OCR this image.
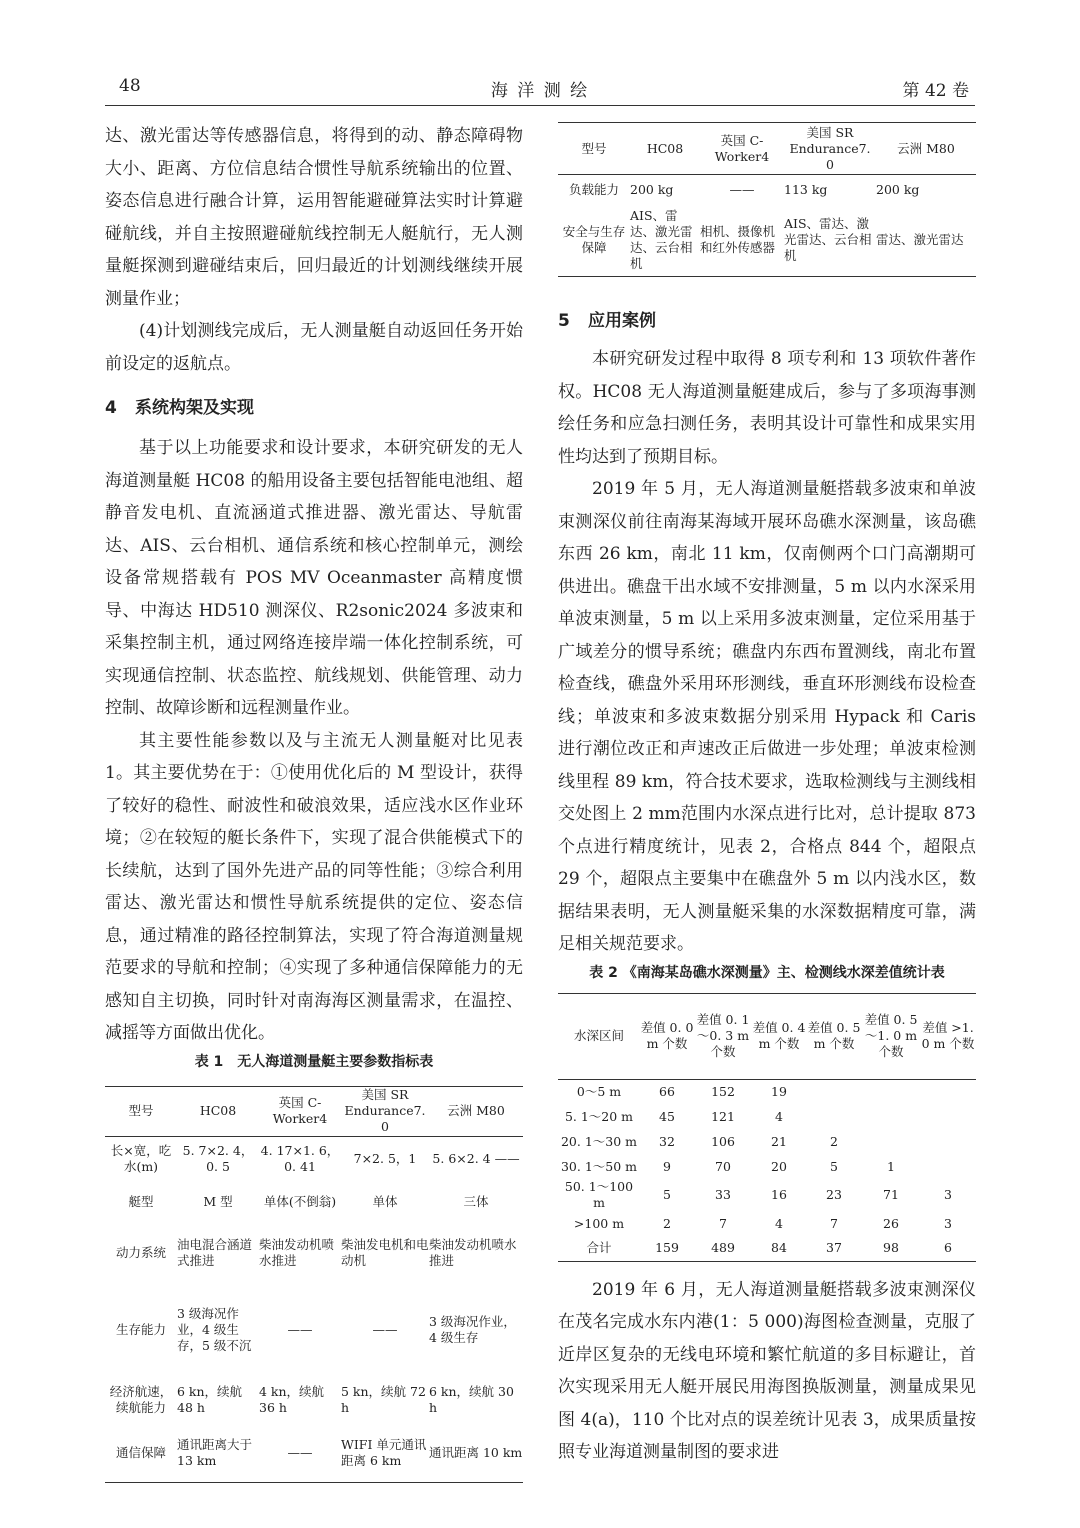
48	海 洋 测 绘	第 42 卷

达、激光雷达等传感器信息，将得到的动、静态障碍物大小、距离、方位信息结合惯性导航系统输出的位置、姿态信息进行融合计算，运用智能避碰算法实时计算避碰航线，并自主按照避碰航线控制无人艇航行，无人测量艇探测到避碰结束后，回归最近的计划测线继续开展测量作业；

(4)计划测线完成后，无人测量艇自动返回任务开始前设定的返航点。

4 系统构架及实现

基于以上功能要求和设计要求，本研究研发的无人海道测量艇 HC08 的船用设备主要包括智能电池组、超静音发电机、直流涵道式推进器、激光雷达、导航雷达、AIS、云台相机、通信系统和核心控制单元，测绘设备常规搭载有 POS MV Oceanmaster 高精度惯导、中海达 HD510 测深仪、R2sonic2024 多波束和采集控制主机，通过网络连接岸端一体化控制系统，可实现通信控制、状态监控、航线规划、供能管理、动力控制、故障诊断和远程测量作业。

其主要性能参数以及与主流无人测量艇对比见表 1。其主要优势在于：①使用优化后的 M 型设计，获得了较好的稳性、耐波性和破浪效果，适应浅水区作业环境；②在较短的艇长条件下，实现了混合供能模式下的长续航，达到了国外先进产品的同等性能；③综合利用雷达、激光雷达和惯性导航系统提供的定位、姿态信息，通过精准的路径控制算法，实现了符合海道测量规范要求的导航和控制；④实现了多种通信保障能力的无感知自主切换，同时针对南海海区测量需求，在温控、减摇等方面做出优化。

表 1　无人海道测量艇主要参数指标表
型号	HC08	英国 C-Worker4	美国 SR Endurance7. 0	云洲 M80
长×宽，吃水(m)	5. 7×2. 4，0. 5	4. 17×1. 6，0. 41	7×2. 5，1	5. 6×2. 4 ——
艇型	M 型	单体(不倒翁)	单体	三体
动力系统	油电混合涵道式推进	柴油发动机喷水推进	柴油发电机和电动机	柴油发动机喷水推进
生存能力	3 级海况作业，4 级生存，5 级不沉	——	——	3 级海况作业，4 级生存
经济航速，续航能力	6 kn，续航 48 h	4 kn，续航 36 h	5 kn，续航 72 h	6 kn，续航 30 h
通信保障	通讯距离大于 13 km	——	WIFI 单元通讯距离 6 km	通讯距离 10 km
型号	HC08	英国 C-Worker4	美国 SR Endurance7. 0	云洲 M80
负载能力	200 kg	——	113 kg	200 kg
安全与生存保障	AIS、雷达、激光雷达、云台相机	相机、摄像机和红外传感器	AIS、雷达、激光雷达、云台相机	雷达、激光雷达
5 应用案例

本研究研发过程中取得 8 项专利和 13 项软件著作权。HC08 无人海道测量艇建成后，参与了多项海事测绘任务和应急扫测任务，表明其设计可靠性和成果实用性均达到了预期目标。

2019 年 5 月，无人海道测量艇搭载多波束和单波束测深仪前往南海某海域开展环岛礁水深测量，该岛礁东西 26 km，南北 11 km，仅南侧两个口门高潮期可供进出。礁盘干出水域不安排测量，5 m 以内水深采用单波束测量，5 m 以上采用多波束测量，定位采用基于广域差分的惯导系统；礁盘内东西布置测线，南北布置检查线，礁盘外采用环形测线，垂直环形测线布设检查线；单波束和多波束数据分别采用 Hypack 和 Caris 进行潮位改正和声速改正后做进一步处理；单波束检测线里程 89 km，符合技术要求，选取检测线与主测线相交处图上 2 mm范围内水深点进行比对，总计提取 873 个点进行精度统计，见表 2，合格点 844 个，超限点 29 个，超限点主要集中在礁盘外 5 m 以内浅水区，数据结果表明，无人测量艇采集的水深数据精度可靠，满足相关规范要求。

表 2 《南海某岛礁水深测量》主、检测线水深差值统计表
水深区间	差值 0. 0 m 个数	差值 0. 1～0. 3 m 个数	差值 0. 4 m 个数	差值 0. 5 m 个数	差值 0. 5～1. 0 m 个数	差值 >1. 0 m 个数
0～5 m	66	152	19			
5. 1～20 m	45	121	4			
20. 1～30 m	32	106	21	2		
30. 1～50 m	9	70	20	5	1	
50. 1～100 m	5	33	16	23	71	3
>100 m	2	7	4	7	26	3
合计	159	489	84	37	98	6

2019 年 6 月，无人海道测量艇搭载多波束测深仪在茂名完成水东内港(1：5 000)海图检查测量，克服了近岸区复杂的无线电环境和繁忙航道的多目标避让，首次实现采用无人艇开展民用海图换版测量，测量成果见图 4(a)，110 个比对点的误差统计见表 3，成果质量按照专业海道测量制图的要求进
